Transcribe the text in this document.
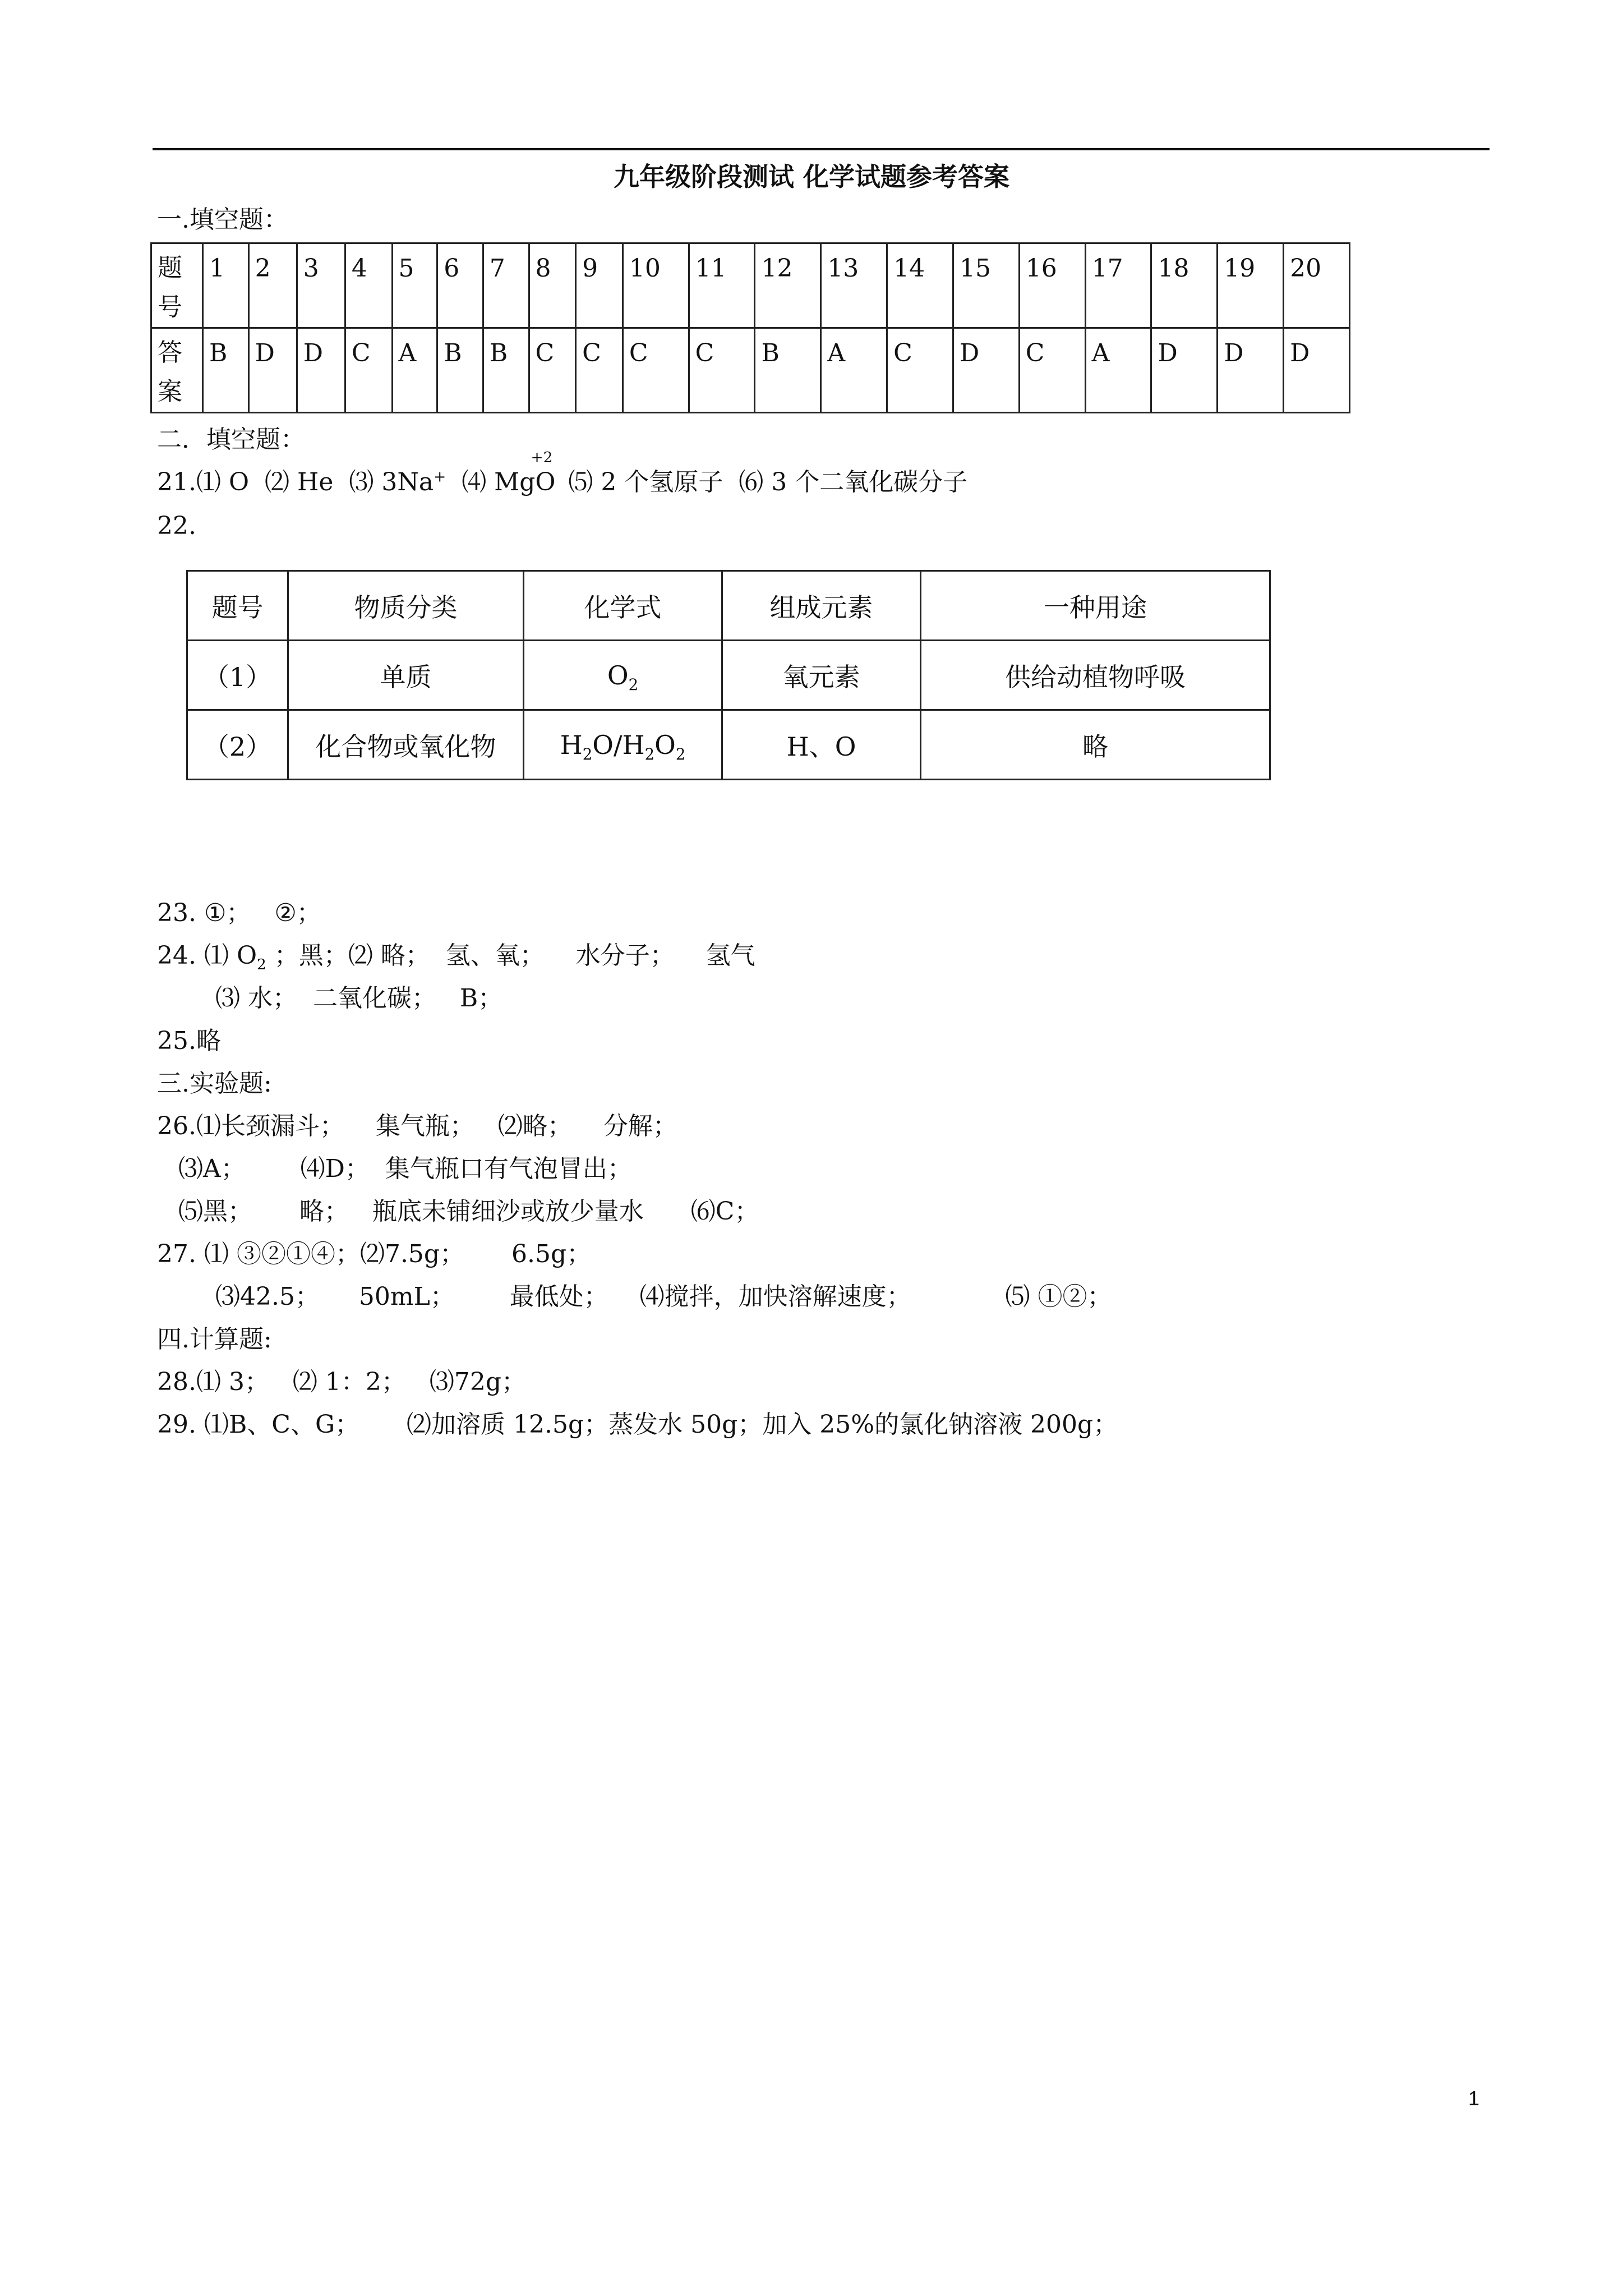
九年级阶段测试 化学试题参考答案
一.填空题：
题号	1	2	3	4	5	6	7	8	9	10	11	12	13	14	15	16	17	18	19	20
答案	B	D	D	C	A	B	B	C	C	C	C	B	A	C	D	C	A	D	D	D
二．填空题：
21.⑴ O  ⑵ He  ⑶ 3Na+  ⑷ MgO$^{+2}$ ⑸ 2 个氢原子  ⑹ 3 个二氧化碳分子
22.
题号	物质分类	化学式	组成元素	一种用途
（1）	单质	$O_2$	氧元素	供给动植物呼吸
（2）	化合物或氧化物	$H_2O/H_2O_2$	H、O	略
23. ①；   ②；
24. ⑴ $O_2$ ；黑；⑵ 略；  氢、氧；    水分子；    氢气
⑶ 水；  二氧化碳；   B；
25.略
三.实验题:
26.⑴长颈漏斗；    集气瓶；   ⑵略；    分解；
⑶A；       ⑷D；  集气瓶口有气泡冒出；
⑸黑；      略；   瓶底未铺细沙或放少量水      ⑹C；
27. ⑴ ③②①④；⑵7.5g；      6.5g；
⑶42.5；     50mL；       最低处；    ⑷搅拌，加快溶解速度；            ⑸ ①②；
四.计算题:
28.⑴ 3；   ⑵ 1：2；   ⑶72g；
29. ⑴B、C、G；      ⑵加溶质 12.5g；蒸发水 50g；加入 25%的氯化钠溶液 200g；
1
